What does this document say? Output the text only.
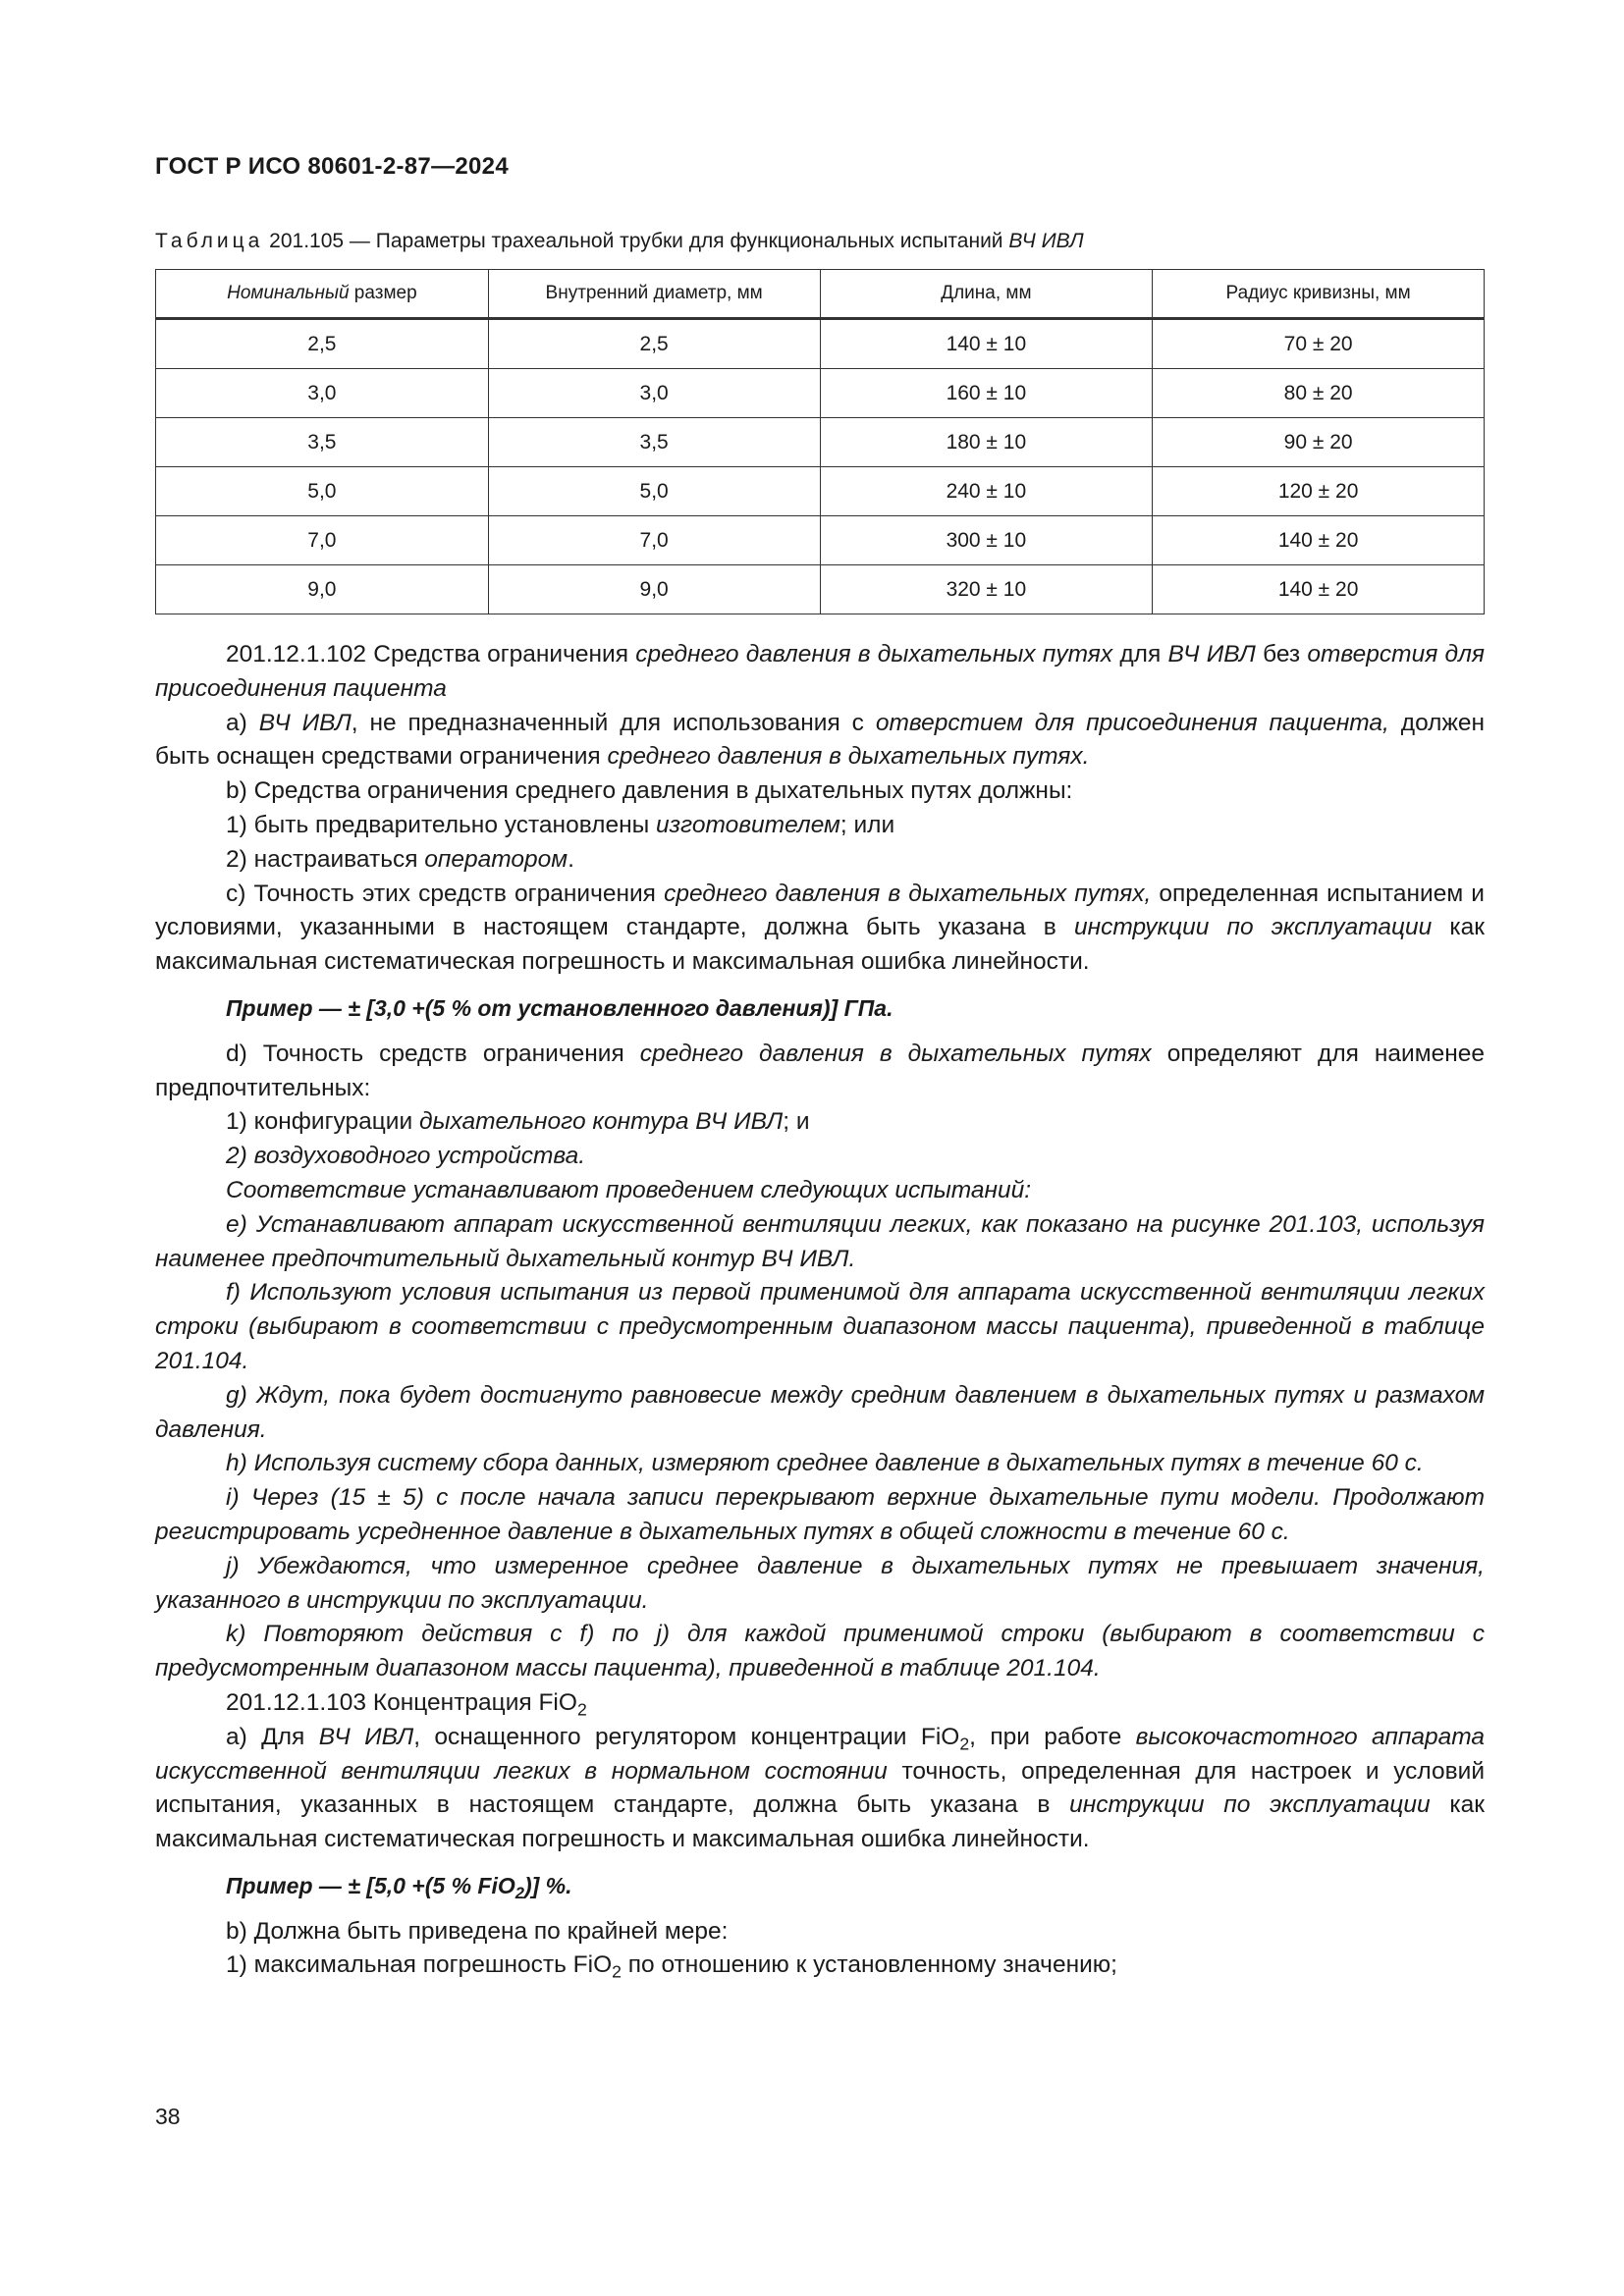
ГОСТ Р ИСО 80601-2-87—2024
Таблица 201.105 — Параметры трахеальной трубки для функциональных испытаний ВЧ ИВЛ
Номинальный размер	Внутренний диаметр, мм	Длина, мм	Радиус кривизны, мм
2,5	2,5	140 ± 10	70 ± 20
3,0	3,0	160 ± 10	80 ± 20
3,5	3,5	180 ± 10	90 ± 20
5,0	5,0	240 ± 10	120 ± 20
7,0	7,0	300 ± 10	140 ± 20
9,0	9,0	320 ± 10	140 ± 20

201.12.1.102 Средства ограничения среднего давления в дыхательных путях для ВЧ ИВЛ без отверстия для присоединения пациента

a) ВЧ ИВЛ, не предназначенный для использования с отверстием для присоединения пациента, должен быть оснащен средствами ограничения среднего давления в дыхательных путях.

b) Средства ограничения среднего давления в дыхательных путях должны:

1) быть предварительно установлены изготовителем; или

2) настраиваться оператором.

c) Точность этих средств ограничения среднего давления в дыхательных путях, определенная испытанием и условиями, указанными в настоящем стандарте, должна быть указана в инструкции по эксплуатации как максимальная систематическая погрешность и максимальная ошибка линейности.

Пример — ± [3,0 +(5 % от установленного давления)] ГПа.

d) Точность средств ограничения среднего давления в дыхательных путях определяют для наименее предпочтительных:

1) конфигурации дыхательного контура ВЧ ИВЛ; и

2) воздуховодного устройства.

Соответствие устанавливают проведением следующих испытаний:

e) Устанавливают аппарат искусственной вентиляции легких, как показано на рисунке 201.103, используя наименее предпочтительный дыхательный контур ВЧ ИВЛ.

f) Используют условия испытания из первой применимой для аппарата искусственной вентиляции легких строки (выбирают в соответствии с предусмотренным диапазоном массы пациента), приведенной в таблице 201.104.

g) Ждут, пока будет достигнуто равновесие между средним давлением в дыхательных путях и размахом давления.

h) Используя систему сбора данных, измеряют среднее давление в дыхательных путях в течение 60 с.

i) Через (15 ± 5) с после начала записи перекрывают верхние дыхательные пути модели. Продолжают регистрировать усредненное давление в дыхательных путях в общей сложности в течение 60 с.

j) Убеждаются, что измеренное среднее давление в дыхательных путях не превышает значения, указанного в инструкции по эксплуатации.

k) Повторяют действия с f) по j) для каждой применимой строки (выбирают в соответствии с предусмотренным диапазоном массы пациента), приведенной в таблице 201.104.

201.12.1.103 Концентрация FiO$_2$

a) Для ВЧ ИВЛ, оснащенного регулятором концентрации FiO$_2$, при работе высокочастотного аппарата искусственной вентиляции легких в нормальном состоянии точность, определенная для настроек и условий испытания, указанных в настоящем стандарте, должна быть указана в инструкции по эксплуатации как максимальная систематическая погрешность и максимальная ошибка линейности.

Пример — ± [5,0 +(5 % FiO$_2$)] %.

b) Должна быть приведена по крайней мере:

1) максимальная погрешность FiO$_2$ по отношению к установленному значению;

38
